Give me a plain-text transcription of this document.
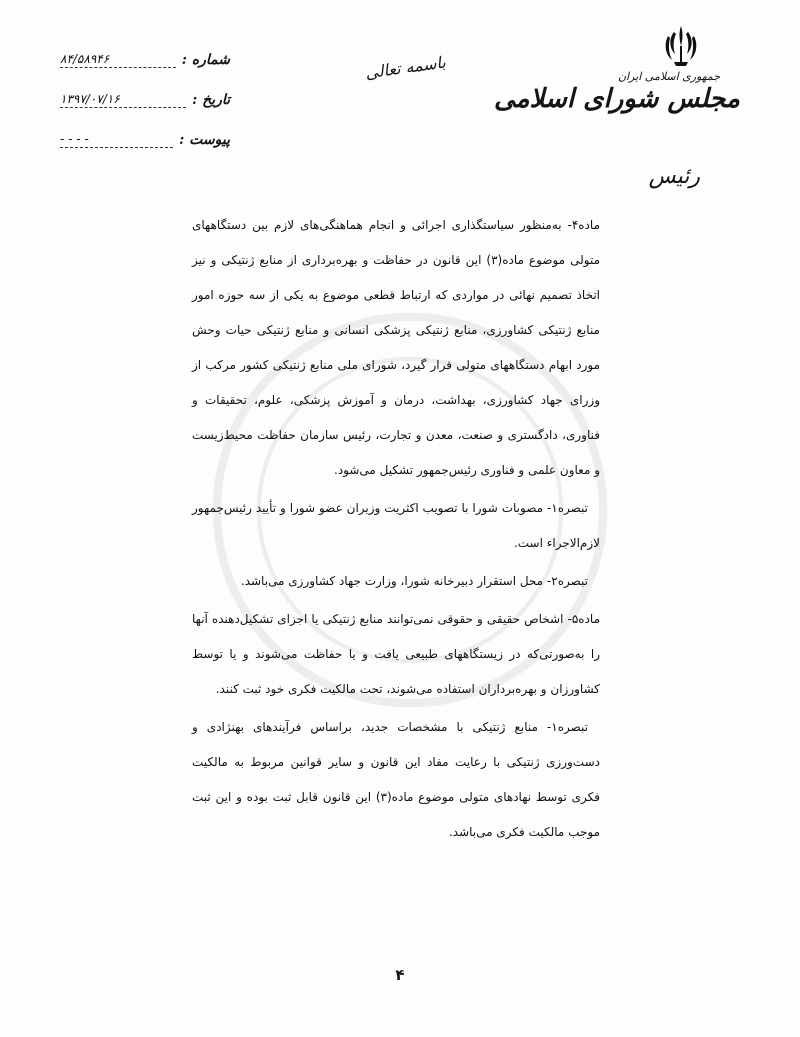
جمهوری اسلامی ایران
مجلس شورای اسلامی
رئیس
شماره :
۸۴/۵۸۹۴۶
تاریخ :
۱۳۹۷/۰۷/۱۶
پیوست :
- - - -
باسمه تعالی

ماده۴- به‌منظور سیاستگذاری اجرائی و انجام هماهنگی‌های لازم بین دستگاههای متولی موضوع ماده(۳) این قانون در حفاظت و بهره‌برداری از منابع ژنتیکی و نیز اتخاذ تصمیم نهائی در مواردی که ارتباط قطعی موضوع به یکی از سه حوزه امور منابع ژنتیکی کشاورزی، منابع ژنتیکی پزشکی انسانی و منابع ژنتیکی حیات وحش مورد ابهام دستگاههای متولی قرار گیرد، شورای ملی منابع ژنتیکی کشور مرکب از وزرای جهاد کشاورزی، بهداشت، درمان و آموزش پزشکی، علوم، تحقیقات و فناوری، دادگستری و صنعت، معدن و تجارت، رئیس سازمان حفاظت محیط‌زیست و معاون علمی و فناوری رئیس‌جمهور تشکیل می‌شود.

تبصره۱- مصوبات شورا با تصویب اکثریت وزیران عضو شورا و تأیید رئیس‌جمهور لازم‌الاجراء است.

تبصره۲- محل استقرار دبیرخانه شورا، وزارت جهاد کشاورزی می‌باشد.

ماده۵- اشخاص حقیقی و حقوقی نمی‌توانند منابع ژنتیکی یا اجزای تشکیل‌دهنده آنها را به‌صورتی‌که در زیستگاههای طبیعی یافت و یا حفاظت می‌شوند و یا توسط کشاورزان و بهره‌برداران استفاده می‌شوند، تحت مالکیت فکری خود ثبت کنند.

تبصره۱- منابع ژنتیکی با مشخصات جدید، براساس فرآیندهای بهنژادی و دست‌ورزی ژنتیکی با رعایت مفاد این قانون و سایر قوانین مربوط به مالکیت فکری توسط نهادهای متولی موضوع ماده(۳) این قانون قابل ثبت بوده و این ثبت موجب مالکیت فکری می‌باشد.

۴
